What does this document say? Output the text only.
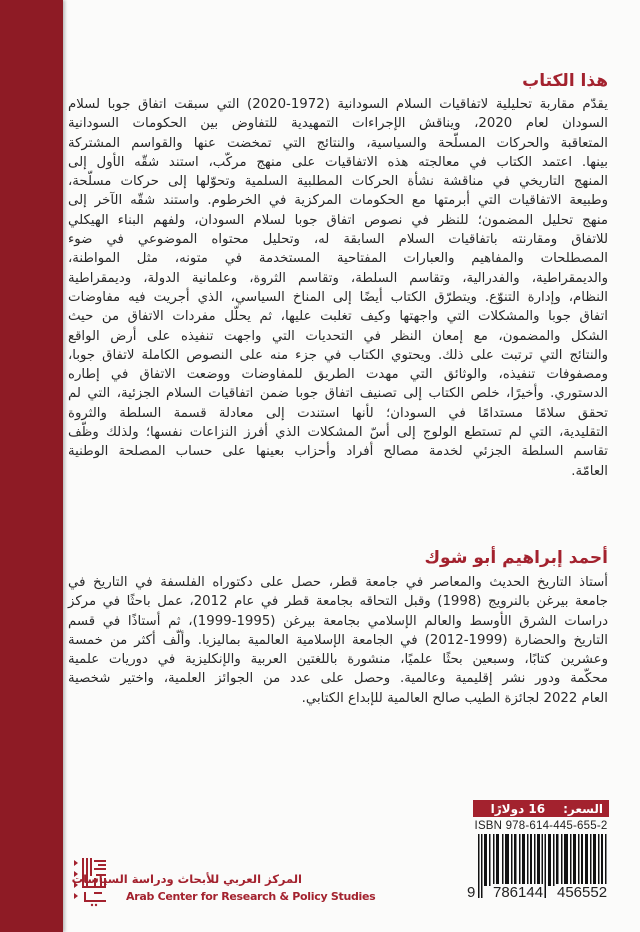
هذا الكتاب
يقدّم مقاربة تحليلية لاتفاقيات السلام السودانية (1972-2020) التي سبقت اتفاق جوبا لسلام
السودان لعام 2020، ويناقش الإجراءات التمهيدية للتفاوض بين الحكومات السودانية
المتعاقبة والحركات المسلّحة والسياسية، والنتائج التي تمخضت عنها والقواسم المشتركة
بينها. اعتمد الكتاب في معالجته هذه الاتفاقيات على منهج مركّب، استند شقّه الأول إلى
المنهج التاريخي في مناقشة نشأة الحركات المطلبية السلمية وتحوّلها إلى حركات مسلّحة،
وطبيعة الاتفاقيات التي أبرمتها مع الحكومات المركزية في الخرطوم. واستند شقّه الآخر إلى
منهج تحليل المضمون؛ للنظر في نصوص اتفاق جوبا لسلام السودان، ولفهم البناء الهيكلي
للاتفاق ومقارنته باتفاقيات السلام السابقة له، وتحليل محتواه الموضوعي في ضوء
المصطلحات والمفاهيم والعبارات المفتاحية المستخدمة في متونه، مثل المواطنة،
والديمقراطية، والفدرالية، وتقاسم السلطة، وتقاسم الثروة، وعلمانية الدولة، وديمقراطية
النظام، وإدارة التنوّع. ويتطرّق الكتاب أيضًا إلى المناخ السياسي، الذي أجريت فيه مفاوضات
اتفاق جوبا والمشكلات التي واجهتها وكيف تغلبت عليها، ثم يحلّل مفردات الاتفاق من حيث
الشكل والمضمون، مع إمعان النظر في التحديات التي واجهت تنفيذه على أرض الواقع
والنتائج التي ترتبت على ذلك. ويحتوي الكتاب في جزء منه على النصوص الكاملة لاتفاق جوبا،
ومصفوفات تنفيذه، والوثائق التي مهدت الطريق للمفاوضات ووضعت الاتفاق في إطاره
الدستوري. وأخيرًا، خلص الكتاب إلى تصنيف اتفاق جوبا ضمن اتفاقيات السلام الجزئية، التي لم
تحقق سلامًا مستدامًا في السودان؛ لأنها استندت إلى معادلة قسمة السلطة والثروة
التقليدية، التي لم تستطع الولوج إلى أسّ المشكلات الذي أفرز النزاعات نفسها؛ ولذلك وظّف
تقاسم السلطة الجزئي لخدمة مصالح أفراد وأحزاب بعينها على حساب المصلحة الوطنية
العامّة.
أحمد إبراهيم أبو شوك
أستاذ التاريخ الحديث والمعاصر في جامعة قطر، حصل على دكتوراه الفلسفة في التاريخ في
جامعة بيرغن بالنرويج (1998) وقبل التحاقه بجامعة قطر في عام 2012، عمل باحثًا في مركز
دراسات الشرق الأوسط والعالم الإسلامي بجامعة بيرغن (1995-1999)، ثم أستاذًا في قسم
التاريخ والحضارة (1999-2012) في الجامعة الإسلامية العالمية بماليزيا. وألّف أكثر من خمسة
وعشرين كتابًا، وسبعين بحثًا علميًا، منشورة باللغتين العربية والإنكليزية في دوريات علمية
محكّمة ودور نشر إقليمية وعالمية. وحصل على عدد من الجوائز العلمية، واختير شخصية
العام 2022 لجائزة الطيب صالح العالمية للإبداع الكتابي.
السعر:
16 دولارًا
ISBN 978-614-445-655-2
9 786144 456552
المركز العربي للأبحاث ودراسة السياسات
Arab Center for Research & Policy Studies
